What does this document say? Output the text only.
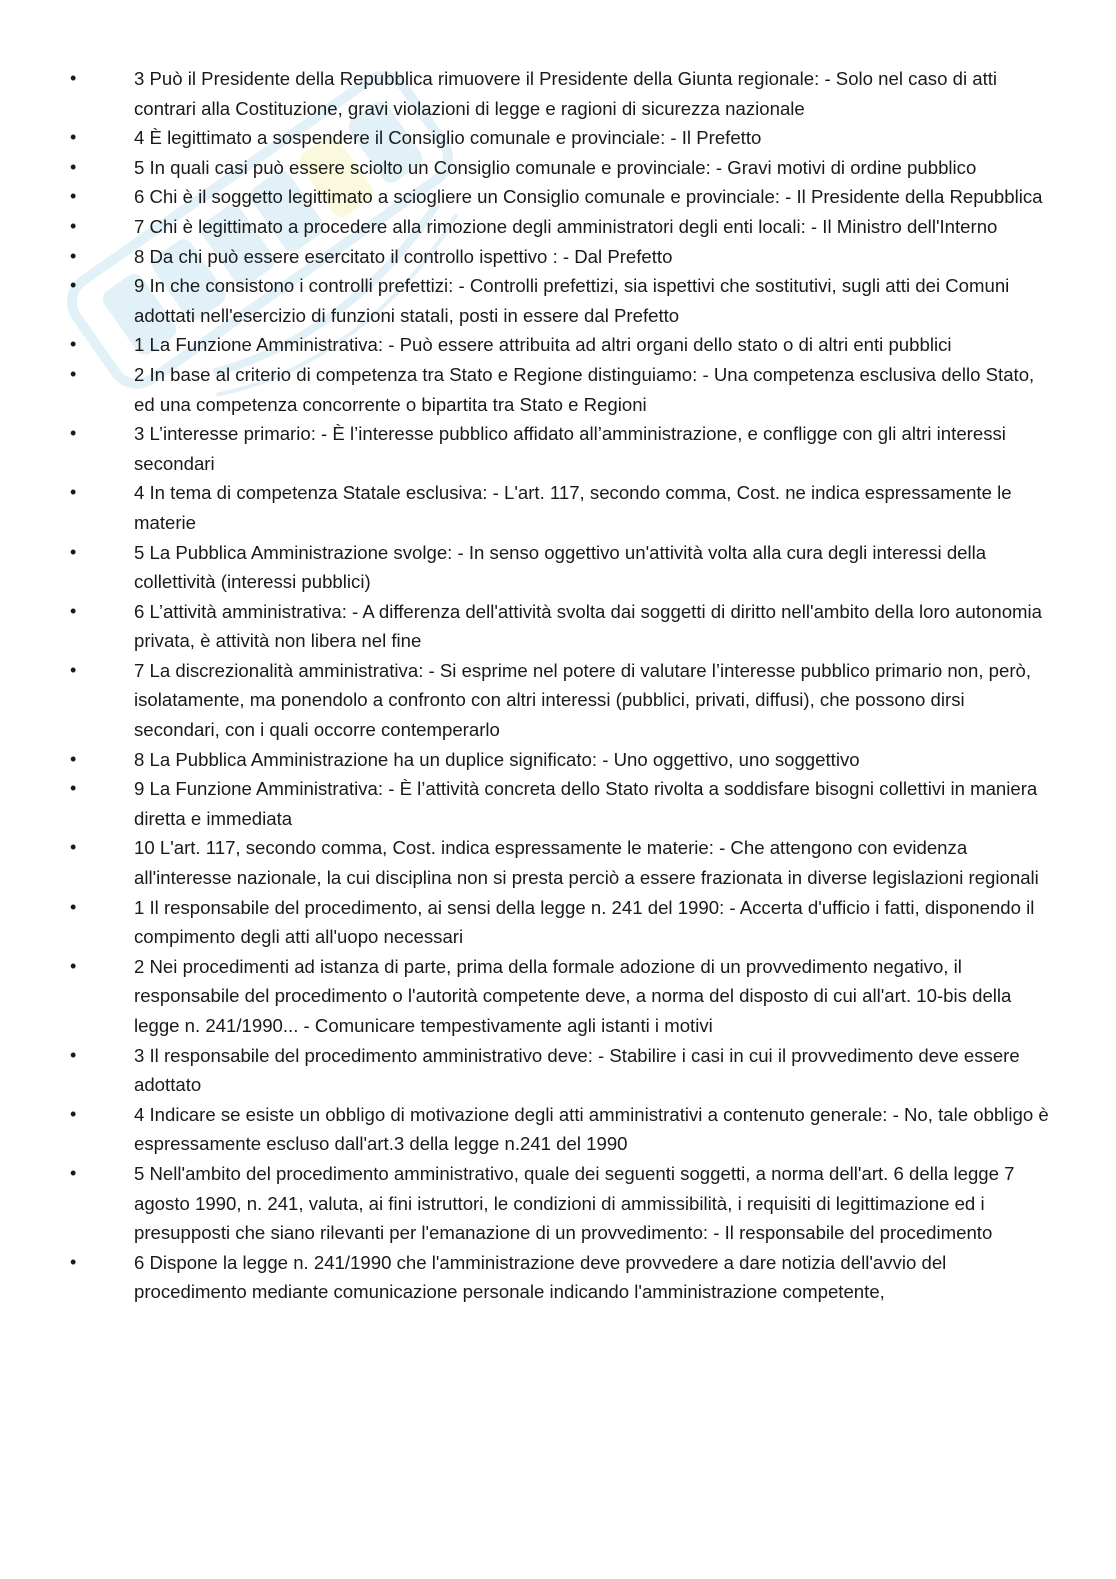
•	3 Può il Presidente della Repubblica rimuovere il Presidente della Giunta regionale: - Solo nel caso di atti contrari alla Costituzione, gravi violazioni di legge e ragioni di sicurezza nazionale
•	4 È legittimato a sospendere il Consiglio comunale e provinciale: - Il Prefetto
•	5 In quali casi può essere sciolto un Consiglio comunale e provinciale: - Gravi motivi di ordine pubblico
•	6 Chi è il soggetto legittimato a sciogliere un Consiglio comunale e provinciale: - Il Presidente della Repubblica
•	7 Chi è legittimato a procedere alla rimozione degli amministratori degli enti locali: - Il Ministro dell'Interno
•	8 Da chi può essere esercitato il controllo ispettivo : - Dal Prefetto
•	9 In che consistono i controlli prefettizi: - Controlli prefettizi, sia ispettivi che sostitutivi, sugli atti dei Comuni adottati nell'esercizio di funzioni statali, posti in essere dal Prefetto
•	1 La Funzione Amministrativa: - Può essere attribuita ad altri organi dello stato o di altri enti pubblici
•	2 In base al criterio di competenza tra Stato e Regione distinguiamo: - Una competenza esclusiva dello Stato, ed una competenza concorrente o bipartita tra Stato e Regioni
•	3 L’interesse primario: - È l’interesse pubblico affidato all’amministrazione, e confligge con gli altri interessi secondari
•	4 In tema di competenza Statale esclusiva: - L'art. 117, secondo comma, Cost. ne indica espressamente le materie
•	5 La Pubblica Amministrazione svolge: - In senso oggettivo un'attività volta alla cura degli interessi della collettività (interessi pubblici)
•	6 L’attività amministrativa: - A differenza dell'attività svolta dai soggetti di diritto nell'ambito della loro autonomia privata, è attività non libera nel fine
•	7 La discrezionalità amministrativa: - Si esprime nel potere di valutare l’interesse pubblico primario non, però, isolatamente, ma ponendolo a confronto con altri interessi (pubblici, privati, diffusi), che possono dirsi secondari, con i quali occorre contemperarlo
•	8 La Pubblica Amministrazione ha un duplice significato: - Uno oggettivo, uno soggettivo
•	9 La Funzione Amministrativa: - È l’attività concreta dello Stato rivolta a soddisfare bisogni collettivi in maniera diretta e immediata
•	10 L'art. 117, secondo comma, Cost. indica espressamente le materie: - Che attengono con evidenza all'interesse nazionale, la cui disciplina non si presta perciò a essere frazionata in diverse legislazioni regionali
•	1 Il responsabile del procedimento, ai sensi della legge n. 241 del 1990: - Accerta d'ufficio i fatti, disponendo il compimento degli atti all'uopo necessari
•	2 Nei procedimenti ad istanza di parte, prima della formale adozione di un provvedimento negativo, il responsabile del procedimento o l'autorità competente deve, a norma del disposto di cui all'art. 10-bis della legge n. 241/1990... - Comunicare tempestivamente agli istanti i motivi
•	3 Il responsabile del procedimento amministrativo deve: - Stabilire i casi in cui il provvedimento deve essere adottato
•	4 Indicare se esiste un obbligo di motivazione degli atti amministrativi a contenuto generale: - No, tale obbligo è espressamente escluso dall'art.3 della legge n.241 del 1990
•	5 Nell'ambito del procedimento amministrativo, quale dei seguenti soggetti, a norma dell'art. 6 della legge 7 agosto 1990, n. 241, valuta, ai fini istruttori, le condizioni di ammissibilità, i requisiti di legittimazione ed i presupposti che siano rilevanti per l'emanazione di un provvedimento: - Il responsabile del procedimento
•	6 Dispone la legge n. 241/1990 che l'amministrazione deve provvedere a dare notizia dell'avvio del procedimento mediante comunicazione personale indicando l'amministrazione competente,
